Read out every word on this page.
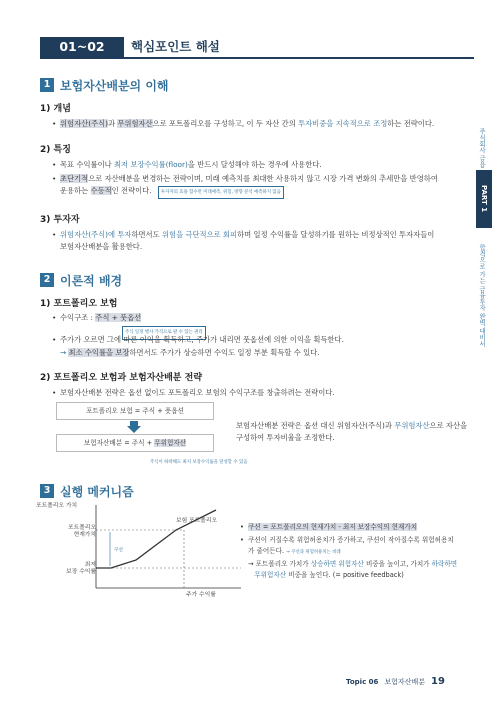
01~02	핵심포인트 해설
주식회사 금융
PART 1
합격으로 가는 금융투자 완벽 대비서
1 보험자산배분의 이해
1) 개념
• 위험자산(주식)과 무위험자산으로 포트폴리오를 구성하고, 이 두 자산 간의 투자비중을 지속적으로 조정하는 전략이다.
2) 특징
• 목표 수익률이나 최저 보장수익률(floor)을 반드시 달성해야 하는 경우에 사용한다.
• 초단기적으로 자산배분을 변경하는 전략이며, 미래 예측치를 최대한 사용하지 않고 시장 가격 변화의 추세만을 반영하여
운용하는 수동적인 전략이다. 투자자의 효용 함수만 미래예측, 위험, 방향 분석 예측하지 않음
3) 투자자
• 위험자산(주식)에 투자하면서도 위험을 극단적으로 회피하며 일정 수익률을 달성하기를 원하는 비정상적인 투자자들이
보험자산배분을 활용한다.
2 이론적 배경
1) 포트폴리오 보험
• 수익구조 : 주식 + 풋옵션
주식 일정 행사 가격으로 팔 수 있는 권리
• 주가가 오르면 그에 따른 이익을 획득하고, 주가가 내리면 풋옵션에 의한 이익을 획득한다.
→ 최소 수익률을 보장하면서도 주가가 상승하면 수익도 일정 부분 획득할 수 있다.
2) 포트폴리오 보험과 보험자산배분 전략
• 보험자산배분 전략은 옵션 없이도 포트폴리오 보험의 수익구조를 창출하려는 전략이다.
포트폴리오 보험 = 주식 + 풋옵션
보험자산배분 = 주식 + 무위험자산
주식이 하락해도 최저 보장수익률을 달성할 수 있음
보험자산배분 전략은 옵션 대신 위험자산(주식)과 무위험자산으로 자산을
구성하여 투자비율을 조정한다.
3 실행 메커니즘
포트폴리오 가치
포트폴리오
현재가치
최저
보장 수익률
쿠션
보험 포트폴리오
주가 수익률
• 쿠션 = 포트폴리오의 현재가치 - 최저 보장수익의 현재가치
• 쿠션이 커질수록 위험허용치가 증가하고, 쿠션이 작아질수록 위험허용치
가 줄어든다. → 쿠션과 위험허용치는 비례
→ 포트폴리오 가치가 상승하면 위험자산 비중을 높이고, 가치가 하락하면
무위험자산 비중을 높인다. (= positive feedback)
Topic 06 보험자산배분 19
